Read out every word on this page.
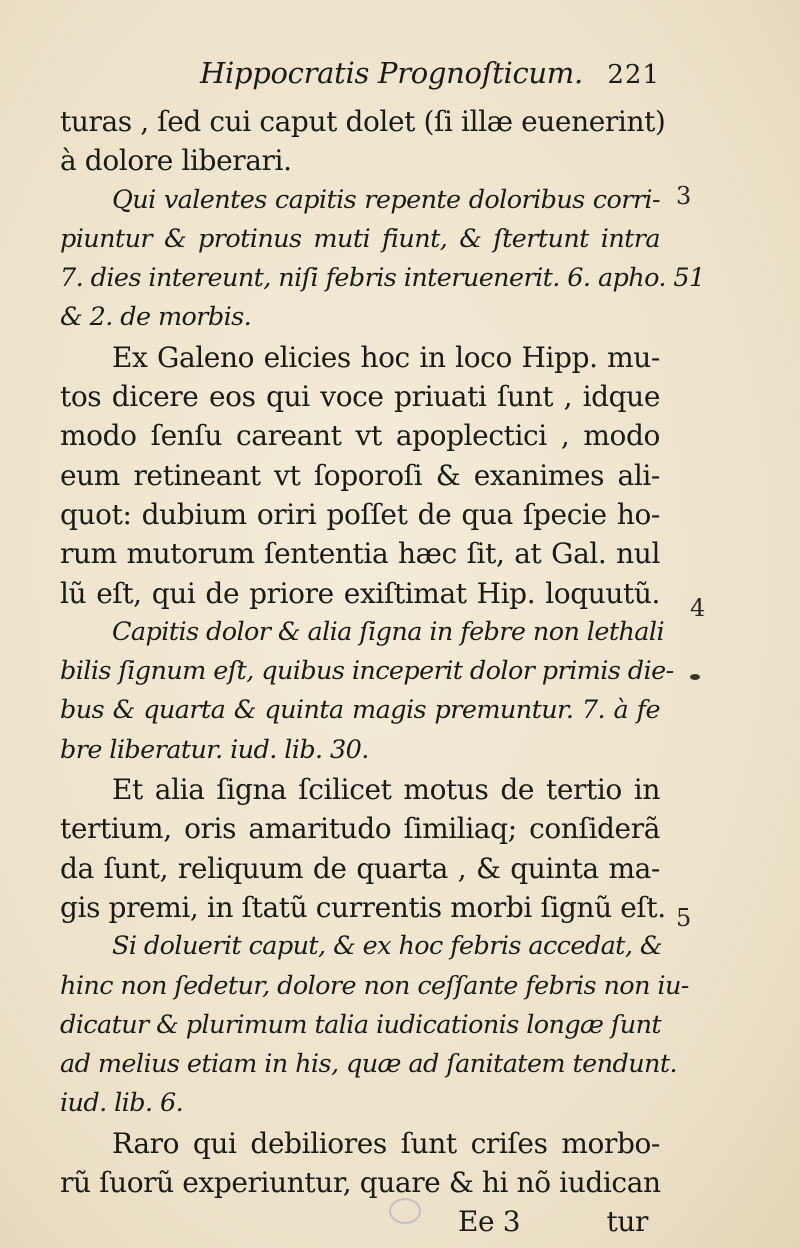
Hippocratis Prognoſticum. 221
turas , ſed cui caput dolet (ſi illæ euenerint)
à dolore liberari.
Qui valentes capitis repente doloribus corri-
piuntur & protinus muti fiunt, & ſtertunt intra
7. dies intereunt, niſi febris interuenerit. 6. apho. 51
& 2. de morbis.
Ex Galeno elicies hoc in loco Hipp. mu-
tos dicere eos qui voce priuati ſunt , idque
modo ſenſu careant vt apoplectici , modo
eum retineant vt ſoporoſi & exanimes ali-
quot: dubium oriri poſſet de qua ſpecie ho-
rum mutorum ſententia hæc ſit, at Gal. nul
lũ eſt, qui de priore exiſtimat Hip. loquutũ.
Capitis dolor & alia ſigna in febre non lethali
bilis ſignum eſt, quibus inceperit dolor primis die-
bus & quarta & quinta magis premuntur. 7. à fe
bre liberatur. iud. lib. 30.
Et alia ſigna ſcilicet motus de tertio in
tertium, oris amaritudo ſimiliaq; conſiderã
da ſunt, reliquum de quarta , & quinta ma-
gis premi, in ſtatũ currentis morbi ſignũ eſt.
Si doluerit caput, & ex hoc febris accedat, &
hinc non ſedetur, dolore non ceſſante febris non iu-
dicatur & plurimum talia iudicationis longæ ſunt
ad melius etiam in his, quæ ad ſanitatem tendunt.
iud. lib. 6.
Raro qui debiliores ſunt criſes morbo-
rũ ſuorũ experiuntur, quare & hi nõ iudican
Ee 3	tur
3
4
5
